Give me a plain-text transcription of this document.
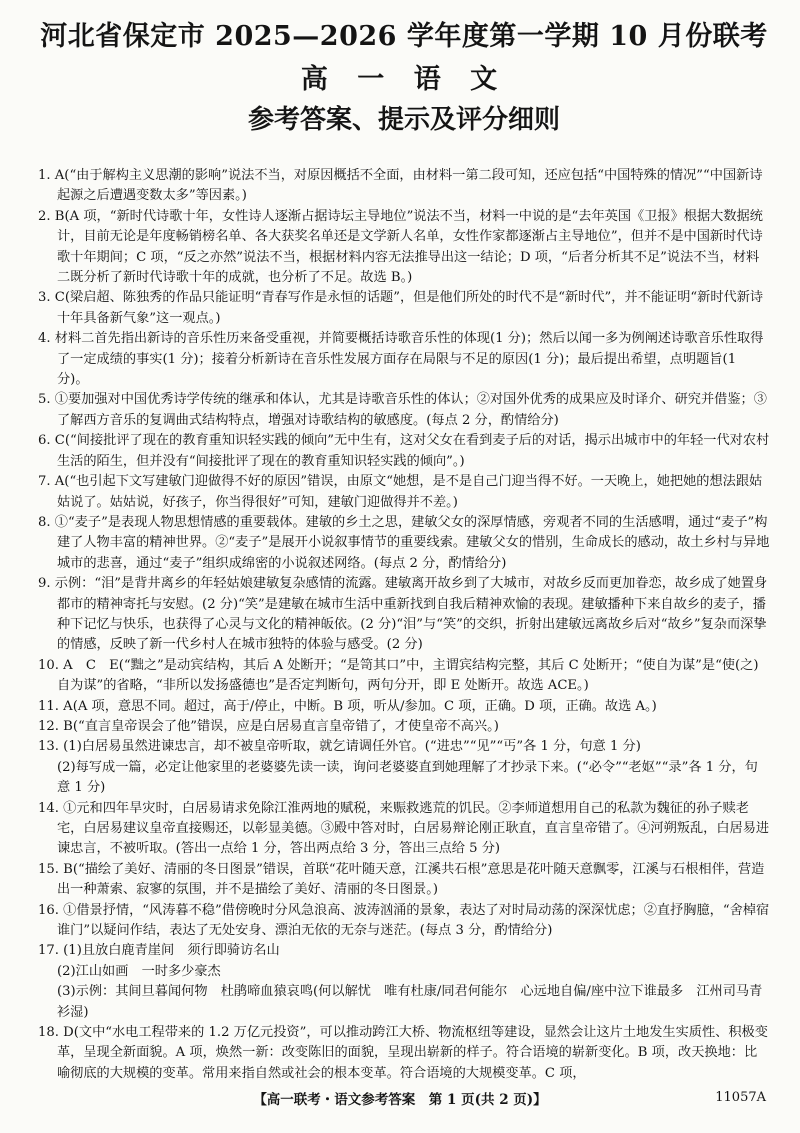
河北省保定市 2025—2026 学年度第一学期 10 月份联考
高 一 语 文
参考答案、提示及评分细则

1. A(“由于解构主义思潮的影响”说法不当，对原因概括不全面，由材料一第二段可知，还应包括“中国特殊的情况”“中国新诗起源之后遭遇变数太多”等因素。)

2. B(A 项，“新时代诗歌十年，女性诗人逐渐占据诗坛主导地位”说法不当，材料一中说的是“去年英国《卫报》根据大数据统计，目前无论是年度畅销榜名单、各大获奖名单还是文学新人名单，女性作家都逐渐占主导地位”，但并不是中国新时代诗歌十年期间；C 项，“反之亦然”说法不当，根据材料内容无法推导出这一结论；D 项，“后者分析其不足”说法不当，材料二既分析了新时代诗歌十年的成就，也分析了不足。故选 B。)

3. C(梁启超、陈独秀的作品只能证明“青春写作是永恒的话题”，但是他们所处的时代不是“新时代”，并不能证明“新时代新诗十年具备新气象”这一观点。)

4. 材料二首先指出新诗的音乐性历来备受重视，并简要概括诗歌音乐性的体现(1 分)；然后以闻一多为例阐述诗歌音乐性取得了一定成绩的事实(1 分)；接着分析新诗在音乐性发展方面存在局限与不足的原因(1 分)；最后提出希望，点明题旨(1 分)。

5. ①要加强对中国优秀诗学传统的继承和体认，尤其是诗歌音乐性的体认；②对国外优秀的成果应及时译介、研究并借鉴；③了解西方音乐的复调曲式结构特点，增强对诗歌结构的敏感度。(每点 2 分，酌情给分)

6. C(“间接批评了现在的教育重知识轻实践的倾向”无中生有，这对父女在看到麦子后的对话，揭示出城市中的年轻一代对农村生活的陌生，但并没有“间接批评了现在的教育重知识轻实践的倾向”。)

7. A(“也引起下文写建敏门迎做得不好的原因”错误，由原文“她想，是不是自己门迎当得不好。一天晚上，她把她的想法跟姑姑说了。姑姑说，好孩子，你当得很好”可知，建敏门迎做得并不差。)

8. ①“麦子”是表现人物思想情感的重要载体。建敏的乡土之思，建敏父女的深厚情感，旁观者不同的生活感喟，通过“麦子”构建了人物丰富的精神世界。②“麦子”是展开小说叙事情节的重要线索。建敏父女的惜别，生命成长的感动，故土乡村与异地城市的悲喜，通过“麦子”组织成绵密的小说叙述网络。(每点 2 分，酌情给分)

9. 示例：“泪”是背井离乡的年轻姑娘建敏复杂感情的流露。建敏离开故乡到了大城市，对故乡反而更加眷恋，故乡成了她置身都市的精神寄托与安慰。(2 分)“笑”是建敏在城市生活中重新找到自我后精神欢愉的表现。建敏播种下来自故乡的麦子，播种下记忆与快乐，也获得了心灵与文化的精神皈依。(2 分)“泪”与“笑”的交织，折射出建敏远离故乡后对“故乡”复杂而深挚的情感，反映了新一代乡村人在城市独特的体验与感受。(2 分)

10. A　C　E(“黜之”是动宾结构，其后 A 处断开；“是笥其口”中，主谓宾结构完整，其后 C 处断开；“使自为谋”是“使(之)自为谋”的省略，“非所以发扬盛德也”是否定判断句，两句分开，即 E 处断开。故选 ACE。)

11. A(A 项，意思不同。超过，高于/停止，中断。B 项，听从/参加。C 项，正确。D 项，正确。故选 A。)

12. B(“直言皇帝误会了他”错误，应是白居易直言皇帝错了，才使皇帝不高兴。)

13. (1)白居易虽然进谏忠言，却不被皇帝听取，就乞请调任外官。(“进忠”“见”“丐”各 1 分，句意 1 分)

(2)每写成一篇，必定让他家里的老婆婆先读一读，询问老婆婆直到她理解了才抄录下来。(“必令”“老妪”“录”各 1 分，句意 1 分)

14. ①元和四年旱灾时，白居易请求免除江淮两地的赋税，来赈救逃荒的饥民。②李师道想用自己的私款为魏征的孙子赎老宅，白居易建议皇帝直接赐还，以彰显美德。③殿中答对时，白居易辩论刚正耿直，直言皇帝错了。④河朔叛乱，白居易进谏忠言，不被听取。(答出一点给 1 分，答出两点给 3 分，答出三点给 5 分)

15. B(“描绘了美好、清丽的冬日图景”错误，首联“花叶随天意，江溪共石根”意思是花叶随天意飘零，江溪与石根相伴，营造出一种萧索、寂寥的氛围，并不是描绘了美好、清丽的冬日图景。)

16. ①借景抒情，“风涛暮不稳”借傍晚时分风急浪高、波涛汹涌的景象，表达了对时局动荡的深深忧虑；②直抒胸臆，“舍棹宿谁门”以疑问作结，表达了无处安身、漂泊无依的无奈与迷茫。(每点 3 分，酌情给分)

17. (1)且放白鹿青崖间　须行即骑访名山

(2)江山如画　一时多少豪杰

(3)示例：其间旦暮闻何物　杜鹃啼血猿哀鸣(何以解忧　唯有杜康/同君何能尔　心远地自偏/座中泣下谁最多　江州司马青衫湿)

18. D(文中“水电工程带来的 1.2 万亿元投资”，可以推动跨江大桥、物流枢纽等建设，显然会让这片土地发生实质性、积极变革，呈现全新面貌。A 项，焕然一新：改变陈旧的面貌，呈现出崭新的样子。符合语境的崭新变化。B 项，改天换地：比喻彻底的大规模的变革。常用来指自然或社会的根本变革。符合语境的大规模变革。C 项，

【高一联考・语文参考答案　第 1 页(共 2 页)】	11057A
